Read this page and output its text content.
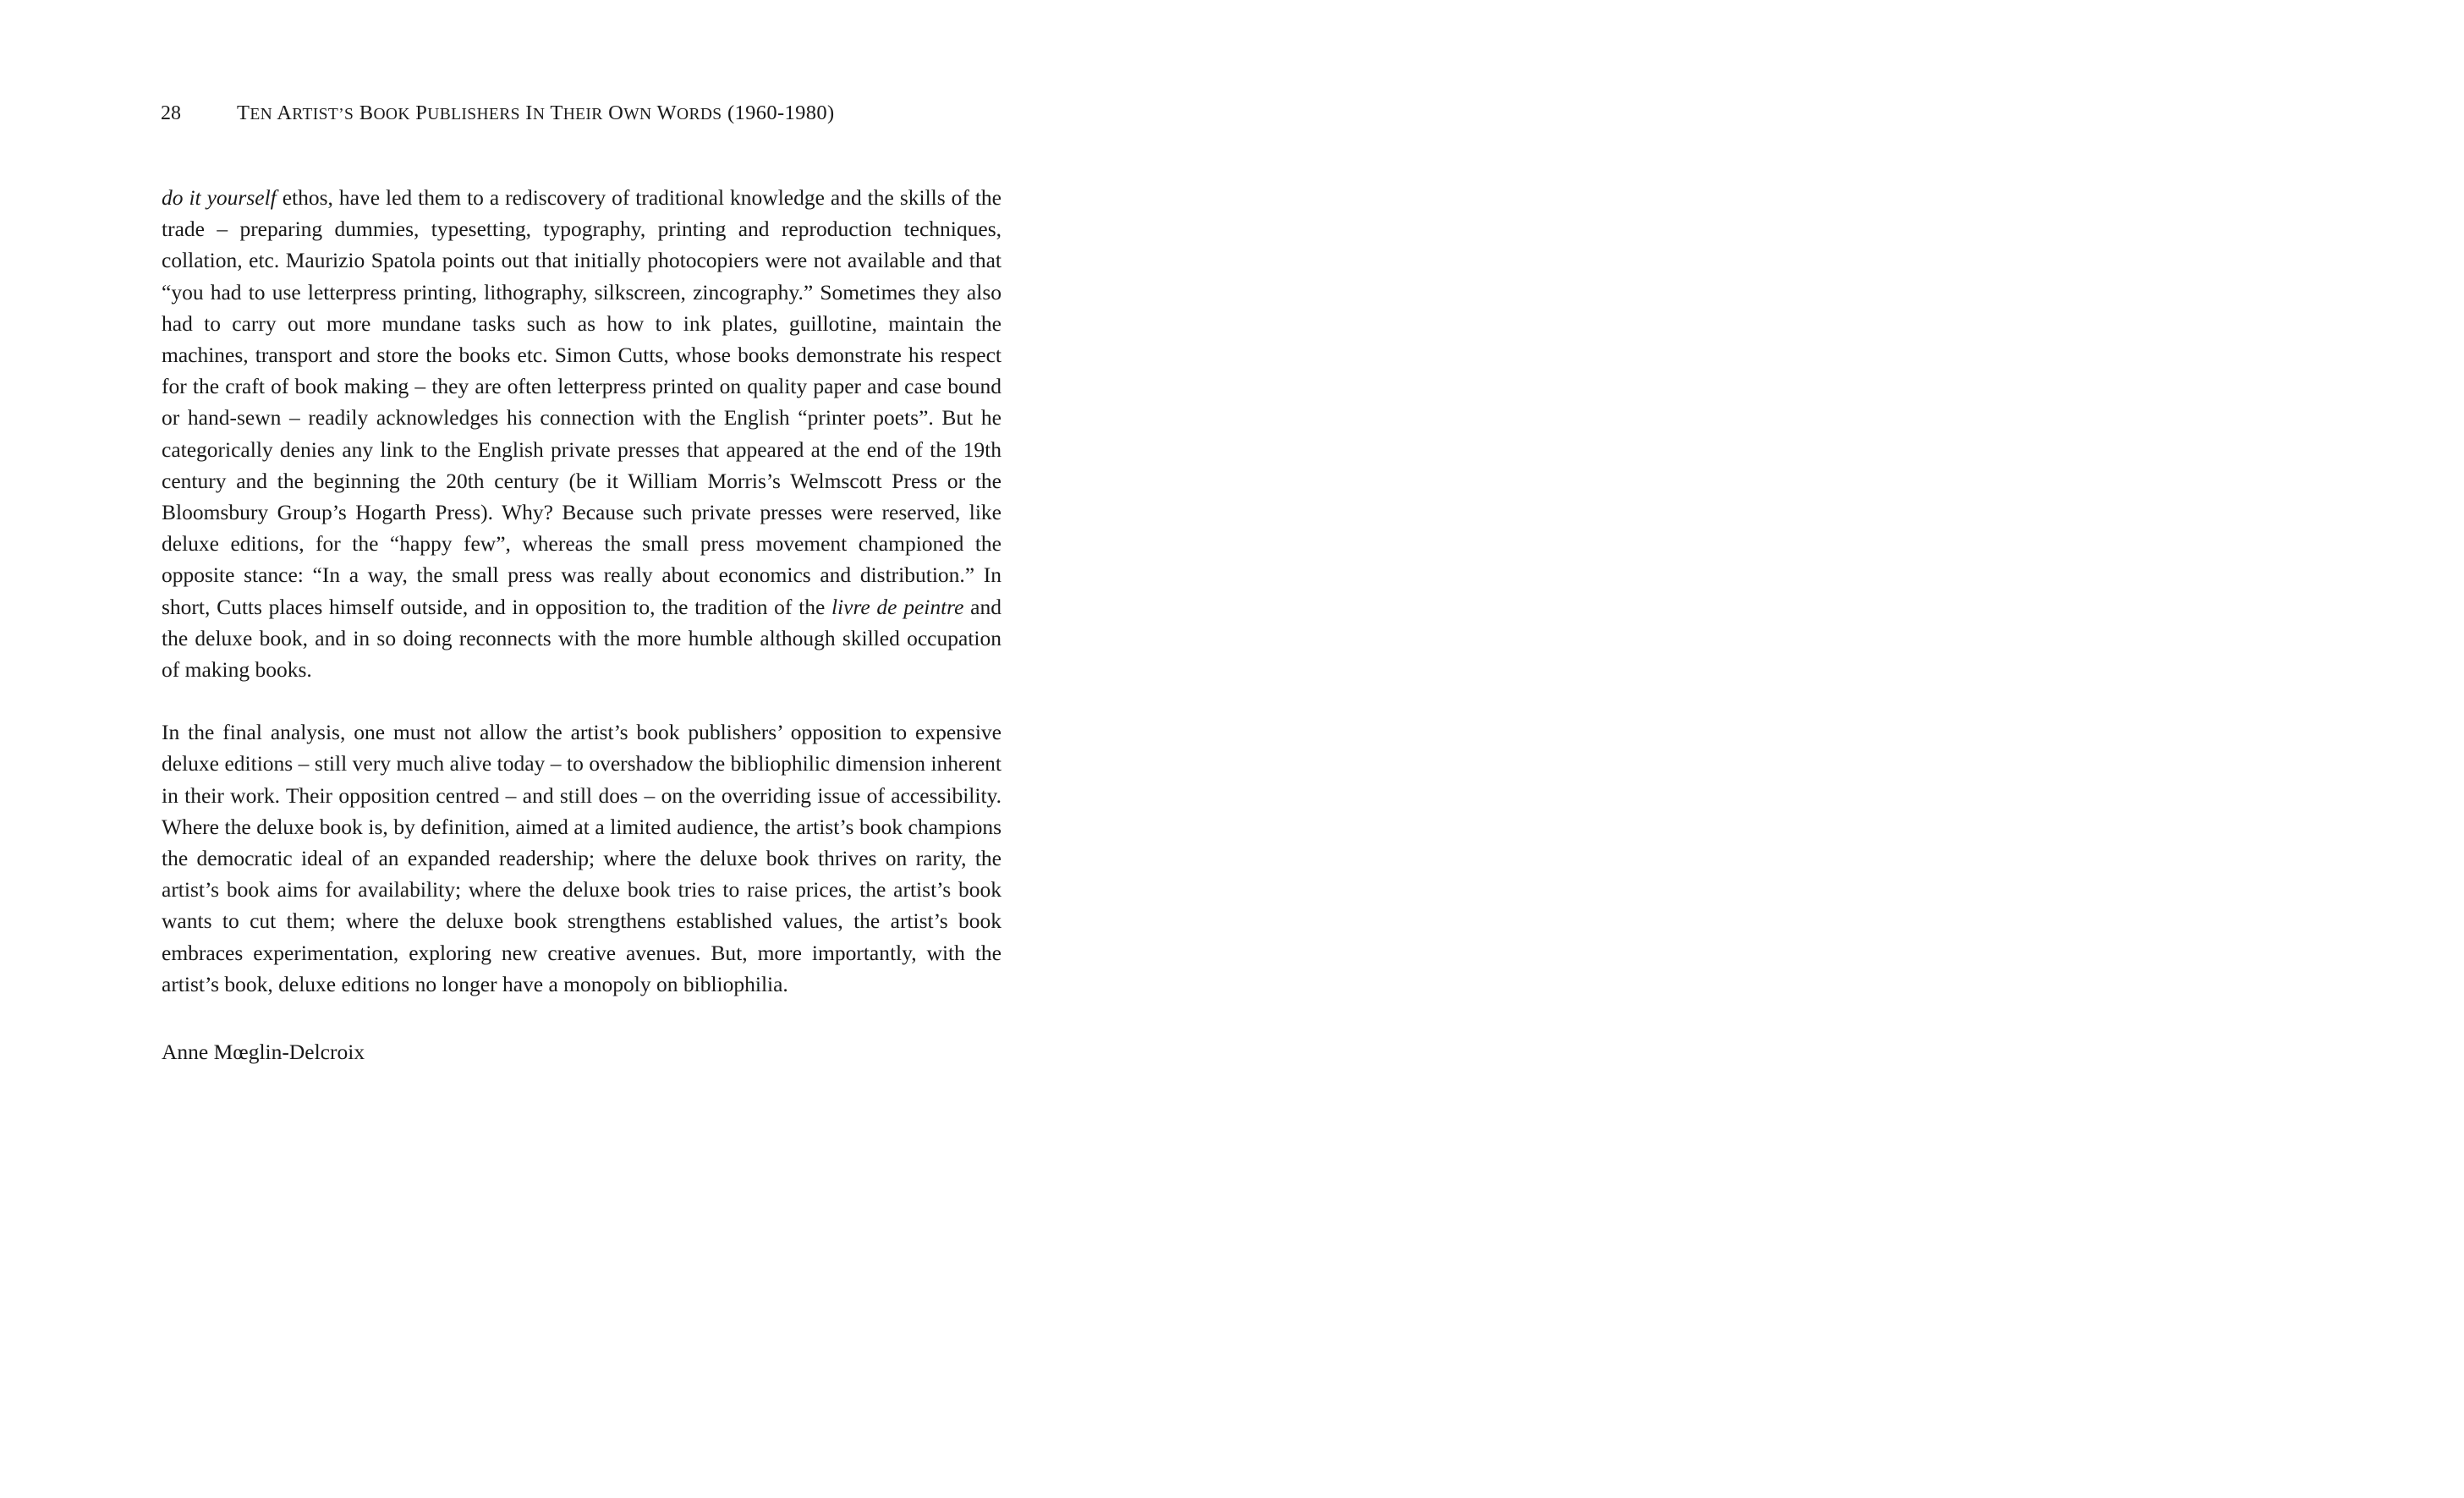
28	TEN ARTIST’S BOOK PUBLISHERS IN THEIR OWN WORDS (1960-1980)

do it yourself ethos, have led them to a rediscovery of traditional knowledge and the skills of the trade – preparing dummies, typesetting, typography, printing and reproduction techniques, collation, etc. Maurizio Spatola points out that initially photocopiers were not available and that “you had to use letterpress printing, lithography, silkscreen, zincography.” Sometimes they also had to carry out more mundane tasks such as how to ink plates, guillotine, maintain the machines, transport and store the books etc. Simon Cutts, whose books demonstrate his respect for the craft of book making – they are often letterpress printed on quality paper and case bound or hand-sewn – readily acknowledges his connection with the English “printer poets”. But he categorically denies any link to the English private presses that appeared at the end of the 19th century and the beginning the 20th century (be it William Morris’s Welmscott Press or the Bloomsbury Group’s Hogarth Press). Why? Because such private presses were reserved, like deluxe editions, for the “happy few”, whereas the small press movement championed the opposite stance: “In a way, the small press was really about economics and distribution.” In short, Cutts places himself outside, and in opposition to, the tradition of the livre de peintre and the deluxe book, and in so doing reconnects with the more humble although skilled occupation of making books.

In the final analysis, one must not allow the artist’s book publishers’ opposition to expensive deluxe editions – still very much alive today – to overshadow the bibliophilic dimension inherent in their work. Their opposition centred – and still does – on the overriding issue of accessibility. Where the deluxe book is, by definition, aimed at a limited audience, the artist’s book champions the democratic ideal of an expanded readership; where the deluxe book thrives on rarity, the artist’s book aims for availability; where the deluxe book tries to raise prices, the artist’s book wants to cut them; where the deluxe book strengthens established values, the artist’s book embraces experimentation, exploring new creative avenues. But, more importantly, with the artist’s book, deluxe editions no longer have a monopoly on bibliophilia.

Anne Mœglin-Delcroix
